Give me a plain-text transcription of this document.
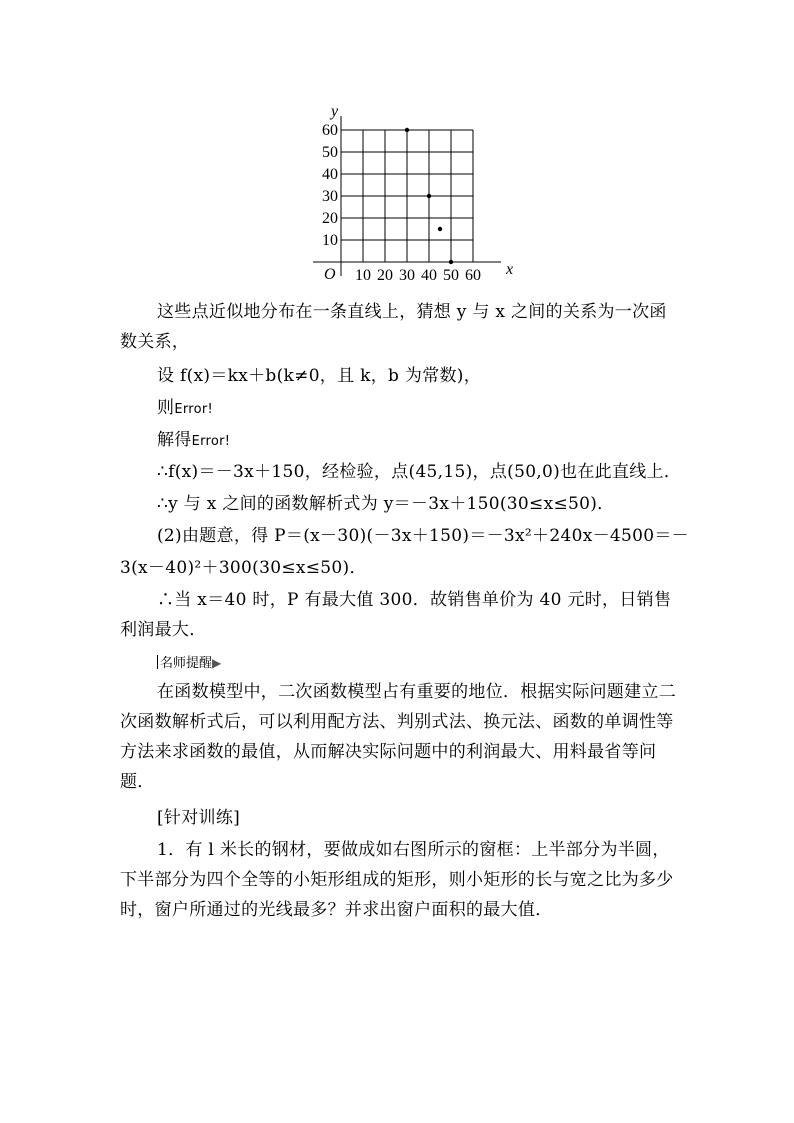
x
y
O 10 20 30 40 50 60
10
20
30
40
50
60
这些点近似地分布在一条直线上，猜想 y 与 x 之间的关系为一次函数关系，
设 f(x)＝kx＋b(k≠0，且 k，b 为常数)，
则Error!
解得Error!
∴f(x)＝－3x＋150，经检验，点(45,15)，点(50,0)也在此直线上．
∴y 与 x 之间的函数解析式为 y＝－3x＋150(30≤x≤50)．
(2)由题意，得 P＝(x－30)(－3x＋150)＝－3x²＋240x－4500＝－
3(x－40)²＋300(30≤x≤50)．
∴当 x＝40 时，P 有最大值 300．故销售单价为 40 元时，日销售利润最大．
名师提醒▶
在函数模型中，二次函数模型占有重要的地位．根据实际问题建立二次函数解析式后，可以利用配方法、判别式法、换元法、函数的单调性等方法来求函数的最值，从而解决实际问题中的利润最大、用料最省等问题．
[针对训练]
1．有 l 米长的钢材，要做成如右图所示的窗框：上半部分为半圆，下半部分为四个全等的小矩形组成的矩形，则小矩形的长与宽之比为多少时，窗户所通过的光线最多？并求出窗户面积的最大值．
